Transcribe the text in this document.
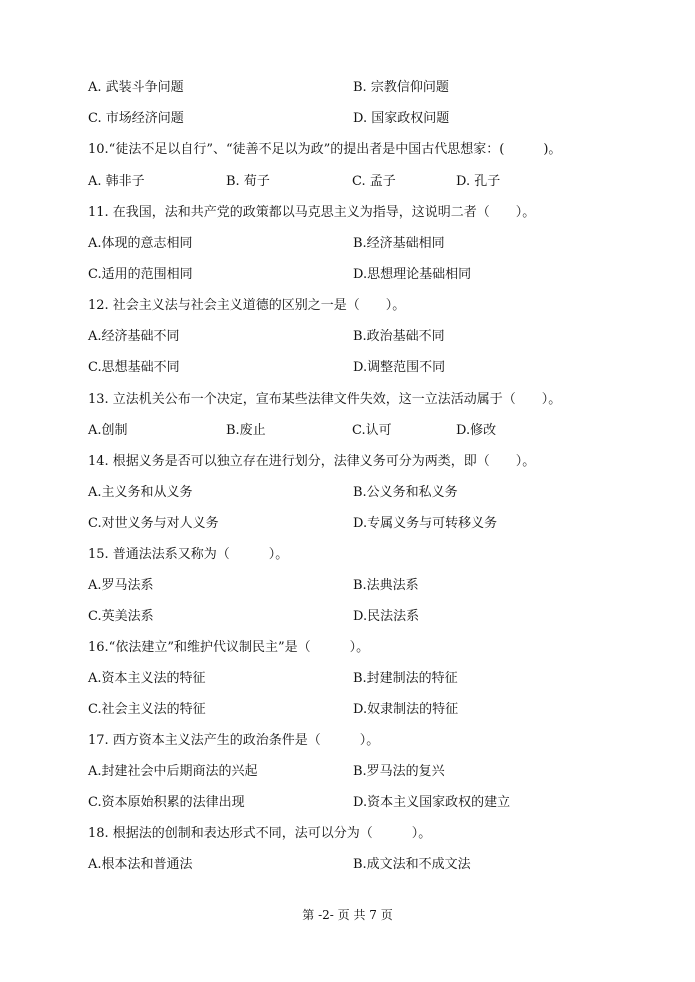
A. 武装斗争问题	B. 宗教信仰问题
C. 市场经济问题	D. 国家政权问题
10.“徒法不足以自行”、“徒善不足以为政”的提出者是中国古代思想家：(　　　)。
A. 韩非子	B. 荀子	C. 孟子	D. 孔子
11. 在我国，法和共产党的政策都以马克思主义为指导，这说明二者（　　）。
A.体现的意志相同	B.经济基础相同
C.适用的范围相同	D.思想理论基础相同
12. 社会主义法与社会主义道德的区别之一是（　　）。
A.经济基础不同	B.政治基础不同
C.思想基础不同	D.调整范围不同
13. 立法机关公布一个决定，宣布某些法律文件失效，这一立法活动属于（　　）。
A.创制	B.废止	C.认可	D.修改
14. 根据义务是否可以独立存在进行划分，法律义务可分为两类，即（　　）。
A.主义务和从义务	B.公义务和私义务
C.对世义务与对人义务	D.专属义务与可转移义务
15. 普通法法系又称为（　　　）。
A.罗马法系	B.法典法系
C.英美法系	D.民法法系
16.“依法建立”和维护代议制民主”是（　　　）。
A.资本主义法的特征	B.封建制法的特征
C.社会主义法的特征	D.奴隶制法的特征
17. 西方资本主义法产生的政治条件是（　　　）。
A.封建社会中后期商法的兴起	B.罗马法的复兴
C.资本原始积累的法律出现	D.资本主义国家政权的建立
18. 根据法的创制和表达形式不同，法可以分为（　　　）。
A.根本法和普通法	B.成文法和不成文法
第 -2- 页 共 7 页
